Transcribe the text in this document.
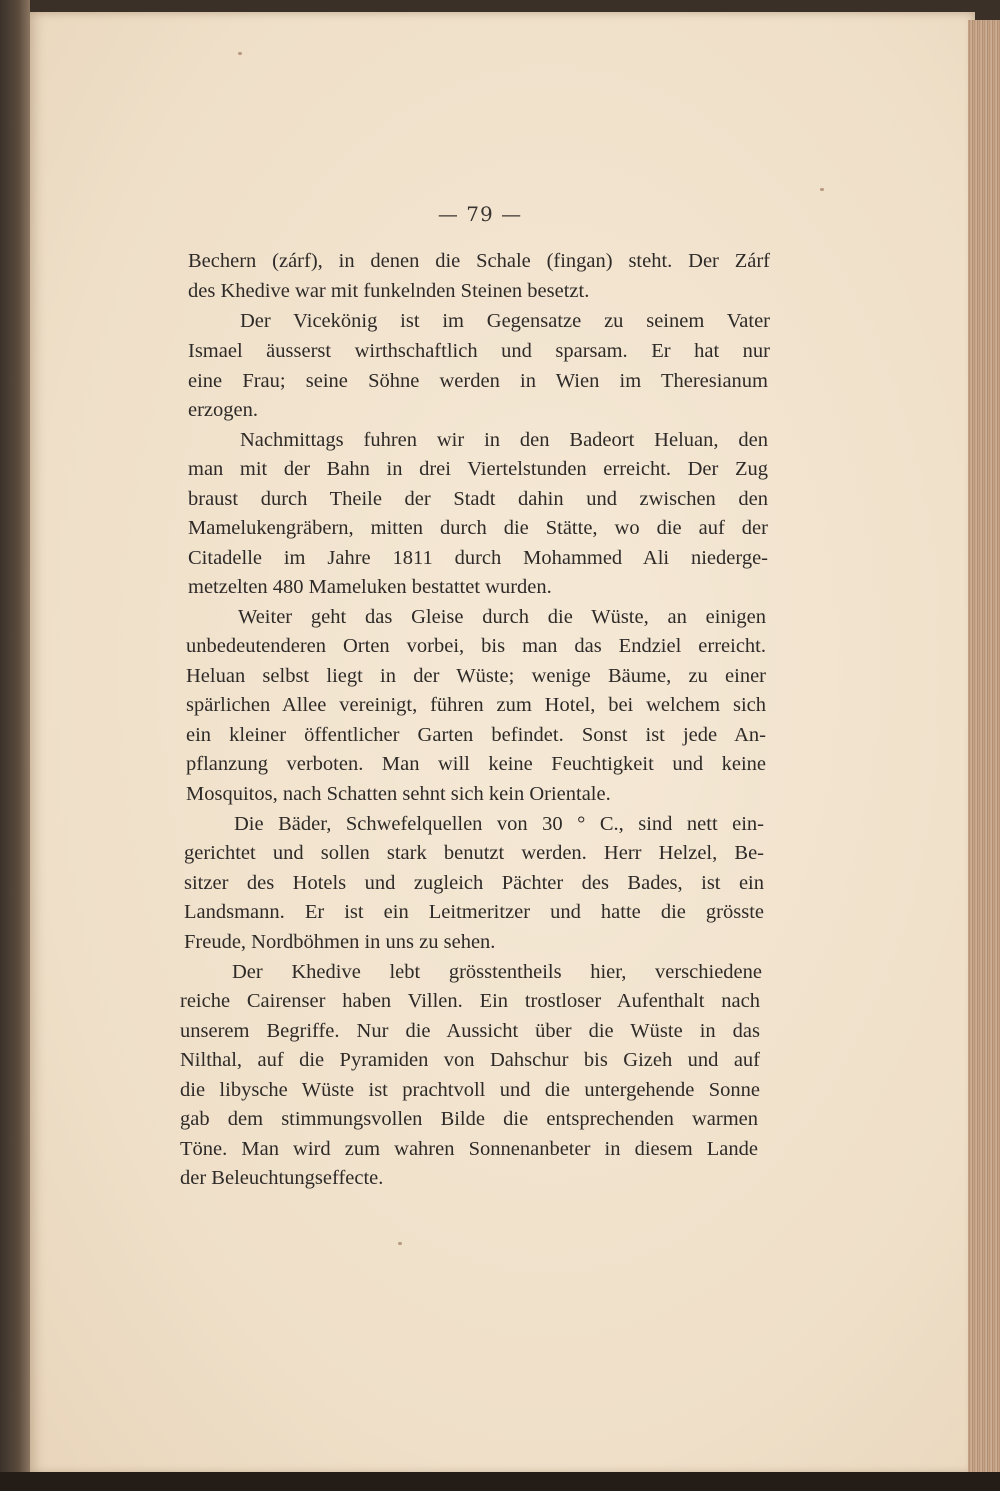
— 79 —
Bechern (zárf), in denen die Schale (fingan) steht. Der Zárf
des Khedive war mit funkelnden Steinen besetzt.
Der Vicekönig ist im Gegensatze zu seinem Vater
Ismael äusserst wirthschaftlich und sparsam. Er hat nur
eine Frau; seine Söhne werden in Wien im Theresianum
erzogen.
Nachmittags fuhren wir in den Badeort Heluan, den
man mit der Bahn in drei Viertelstunden erreicht. Der Zug
braust durch Theile der Stadt dahin und zwischen den
Mamelukengräbern, mitten durch die Stätte, wo die auf der
Citadelle im Jahre 1811 durch Mohammed Ali niederge-
metzelten 480 Mameluken bestattet wurden.
Weiter geht das Gleise durch die Wüste, an einigen
unbedeutenderen Orten vorbei, bis man das Endziel erreicht.
Heluan selbst liegt in der Wüste; wenige Bäume, zu einer
spärlichen Allee vereinigt, führen zum Hotel, bei welchem sich
ein kleiner öffentlicher Garten befindet. Sonst ist jede An-
pflanzung verboten. Man will keine Feuchtigkeit und keine
Mosquitos, nach Schatten sehnt sich kein Orientale.
Die Bäder, Schwefelquellen von 30 ° C., sind nett ein-
gerichtet und sollen stark benutzt werden. Herr Helzel, Be-
sitzer des Hotels und zugleich Pächter des Bades, ist ein
Landsmann. Er ist ein Leitmeritzer und hatte die grösste
Freude, Nordböhmen in uns zu sehen.
Der Khedive lebt grösstentheils hier, verschiedene
reiche Cairenser haben Villen. Ein trostloser Aufenthalt nach
unserem Begriffe. Nur die Aussicht über die Wüste in das
Nilthal, auf die Pyramiden von Dahschur bis Gizeh und auf
die libysche Wüste ist prachtvoll und die untergehende Sonne
gab dem stimmungsvollen Bilde die entsprechenden warmen
Töne. Man wird zum wahren Sonnenanbeter in diesem Lande
der Beleuchtungseffecte.
